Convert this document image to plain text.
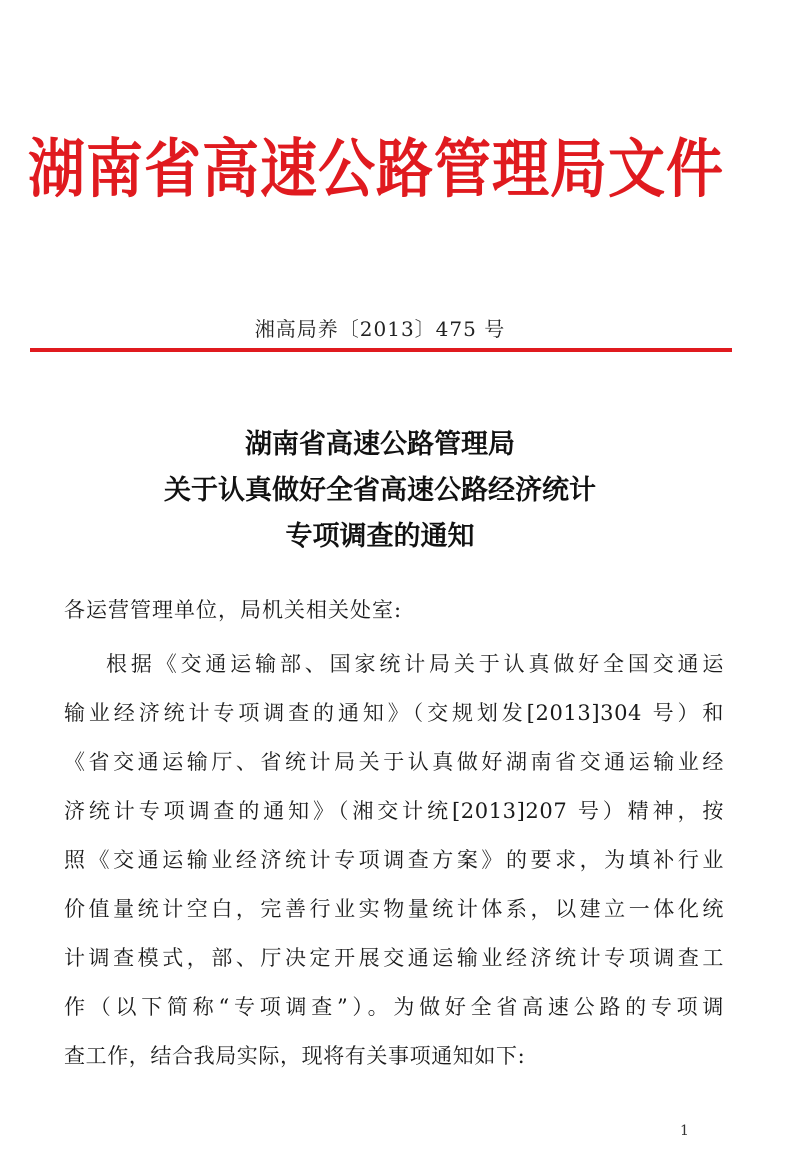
湖南省高速公路管理局文件
湘高局养〔2013〕475 号
湖南省高速公路管理局
关于认真做好全省高速公路经济统计
专项调查的通知
各运营管理单位，局机关相关处室:
根据《交通运输部、国家统计局关于认真做好全国交通运
输业经济统计专项调查的通知》（交规划发[2013]304 号）和
《省交通运输厅、省统计局关于认真做好湖南省交通运输业经
济统计专项调查的通知》（湘交计统[2013]207 号）精神，按
照《交通运输业经济统计专项调查方案》的要求，为填补行业
价值量统计空白，完善行业实物量统计体系，以建立一体化统
计调查模式，部、厅决定开展交通运输业经济统计专项调查工
作（以下简称“专项调查”）。为做好全省高速公路的专项调
查工作，结合我局实际，现将有关事项通知如下:
1
